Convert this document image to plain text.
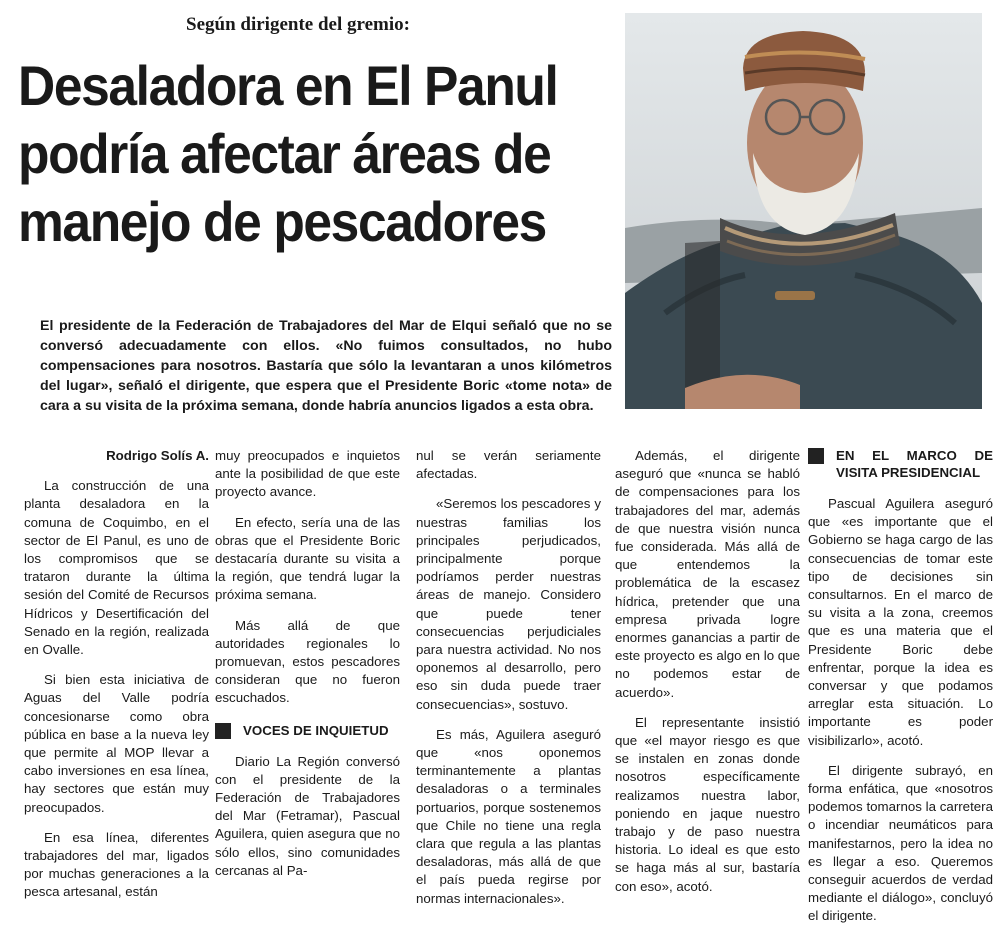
Según dirigente del gremio:

Desaladora en El Panul podría afectar áreas de manejo de pescadores

El presidente de la Federación de Trabajadores del Mar de Elqui señaló que no se conversó adecuadamente con ellos. «No fuimos consultados, no hubo compensaciones para nosotros. Bastaría que sólo la levantaran a unos kilómetros del lugar», señaló el dirigente, que espera que el Presidente Boric «tome nota» de cara a su visita de la próxima semana, donde habría anuncios ligados a esta obra.

Rodrigo Solís A.

La construcción de una planta desaladora en la comuna de Coquimbo, en el sector de El Panul, es uno de los compromisos que se trataron durante la última sesión del Comité de Recursos Hídricos y Desertificación del Senado en la región, realizada en Ovalle.

Si bien esta iniciativa de Aguas del Valle podría concesionarse como obra pública en base a la nueva ley que permite al MOP llevar a cabo inversiones en esa línea, hay sectores que están muy preocupados.

En esa línea, diferentes trabajadores del mar, ligados por muchas generaciones a la pesca artesanal, están

muy preocupados e inquietos ante la posibilidad de que este proyecto avance.

En efecto, sería una de las obras que el Presidente Boric destacaría durante su visita a la región, que tendrá lugar la próxima semana.

Más allá de que autoridades regionales lo promuevan, estos pescadores consideran que no fueron escuchados.

VOCES DE INQUIETUD

Diario La Región conversó con el presidente de la Federación de Trabajadores del Mar (Fetramar), Pascual Aguilera, quien asegura que no sólo ellos, sino comunidades cercanas al Pa-

nul se verán seriamente afectadas.

«Seremos los pescadores y nuestras familias los principales perjudicados, principalmente porque podríamos perder nuestras áreas de manejo. Considero que puede tener consecuencias perjudiciales para nuestra actividad. No nos oponemos al desarrollo, pero eso sin duda puede traer consecuencias», sostuvo.

Es más, Aguilera aseguró que «nos oponemos terminantemente a plantas desaladoras o a terminales portuarios, porque sostenemos que Chile no tiene una regla clara que regula a las plantas desaladoras, más allá de que el país pueda regirse por normas internacionales».

Además, el dirigente aseguró que «nunca se habló de compensaciones para los trabajadores del mar, además de que nuestra visión nunca fue considerada. Más allá de que entendemos la problemática de la escasez hídrica, pretender que una empresa privada logre enormes ganancias a partir de este proyecto es algo en lo que no podemos estar de acuerdo».

El representante insistió que «el mayor riesgo es que se instalen en zonas donde nosotros específicamente realizamos nuestra labor, poniendo en jaque nuestro trabajo y de paso nuestra historia. Lo ideal es que esto se haga más al sur, bastaría con eso», acotó.

EN EL MARCO DE VISITA PRESIDENCIAL

Pascual Aguilera aseguró que «es importante que el Gobierno se haga cargo de las consecuencias de tomar este tipo de decisiones sin consultarnos. En el marco de su visita a la zona, creemos que es una materia que el Presidente Boric debe enfrentar, porque la idea es conversar y que podamos arreglar esta situación. Lo importante es poder visibilizarlo», acotó.

El dirigente subrayó, en forma enfática, que «nosotros podemos tomarnos la carretera o incendiar neumáticos para manifestarnos, pero la idea no es llegar a eso. Queremos conseguir acuerdos de verdad mediante el diálogo», concluyó el dirigente.
